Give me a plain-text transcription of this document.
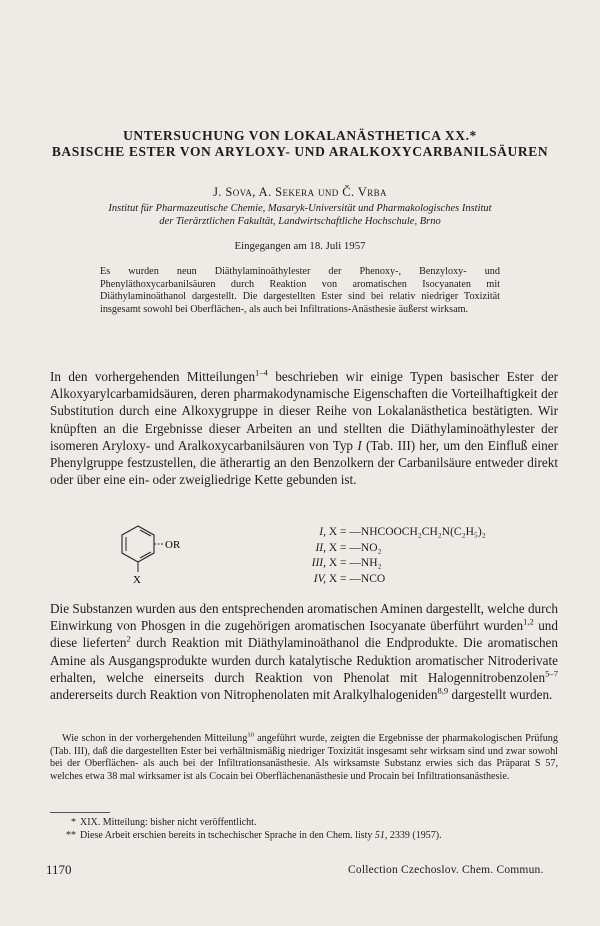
UNTERSUCHUNG VON LOKALANÄSTHETICA XX.*
BASISCHE ESTER VON ARYLOXY- UND ARALKOXYCARBANILSÄUREN
J. Sova, A. Sekera und Č. Vrba
Institut für Pharmazeutische Chemie, Masaryk-Universität und Pharmakologisches Institut
der Tierärztlichen Fakultät, Landwirtschaftliche Hochschule, Brno
Eingegangen am 18. Juli 1957
Es wurden neun Diäthylaminoäthylester der Phenoxy-, Benzyloxy- und Phenyläthoxycarbanilsäuren durch Reaktion von aromatischen Isocyanaten mit Diäthylaminoäthanol dargestellt. Die dargestellten Ester sind bei relativ niedriger Toxizität insgesamt sowohl bei Oberflächen-, als auch bei Infiltrations-Anästhesie äußerst wirksam.
In den vorhergehenden Mitteilungen$^{1-4}$ beschrieben wir einige Typen basischer Ester der Alkoxyarylcarbamidsäuren, deren pharmakodynamische Eigenschaften die Vorteilhaftigkeit der Substitution durch eine Alkoxygruppe in dieser Reihe von Lokalanästhetica bestätigten. Wir knüpften an die Ergebnisse dieser Arbeiten an und stellten die Diäthylaminoäthylester der isomeren Aryloxy- und Aralkoxycarbanilsäuren von Typ I (Tab. III) her, um den Einfluß einer Phenylgruppe festzustellen, die ätherartig an den Benzolkern der Carbanilsäure entweder direkt oder über eine ein- oder zweigliedrige Kette gebunden ist.
OR
X
I, X = —NHCOOCH₂CH₂N(C₂H₅)₂
II, X = —NO₂
III, X = —NH₂
IV, X = —NCO
Die Substanzen wurden aus den entsprechenden aromatischen Aminen dargestellt, welche durch Einwirkung von Phosgen in die zugehörigen aromatischen Isocyanate überführt wurden$^{1,2}$ und diese lieferten$^2$ durch Reaktion mit Diäthylaminoäthanol die Endprodukte. Die aromatischen Amine als Ausgangsprodukte wurden durch katalytische Reduktion aromatischer Nitroderivate erhalten, welche einerseits durch Reaktion von Phenolat mit Halogennitrobenzolen$^{5-7}$ andererseits durch Reaktion von Nitrophenolaten mit Aralkylhalogeniden$^{8,9}$ dargestellt wurden.
Wie schon in der vorhergehenden Mitteilung$^{10}$ angeführt wurde, zeigten die Ergebnisse der pharmakologischen Prüfung (Tab. III), daß die dargestellten Ester bei verhältnismäßig niedriger Toxizität insgesamt sehr wirksam sind und zwar sowohl bei der Oberflächen- als auch bei der Infiltrationsanästhesie. Als wirksamste Substanz erwies sich das Präparat S 57, welches etwa 38 mal wirksamer ist als Cocain bei Oberflächenanästhesie und Procain bei Infiltrationsanästhesie.
* XIX. Mitteilung: bisher nicht veröffentlicht.
** Diese Arbeit erschien bereits in tschechischer Sprache in den Chem. listy 51, 2339 (1957).
1170	Collection Czechoslov. Chem. Commun.
